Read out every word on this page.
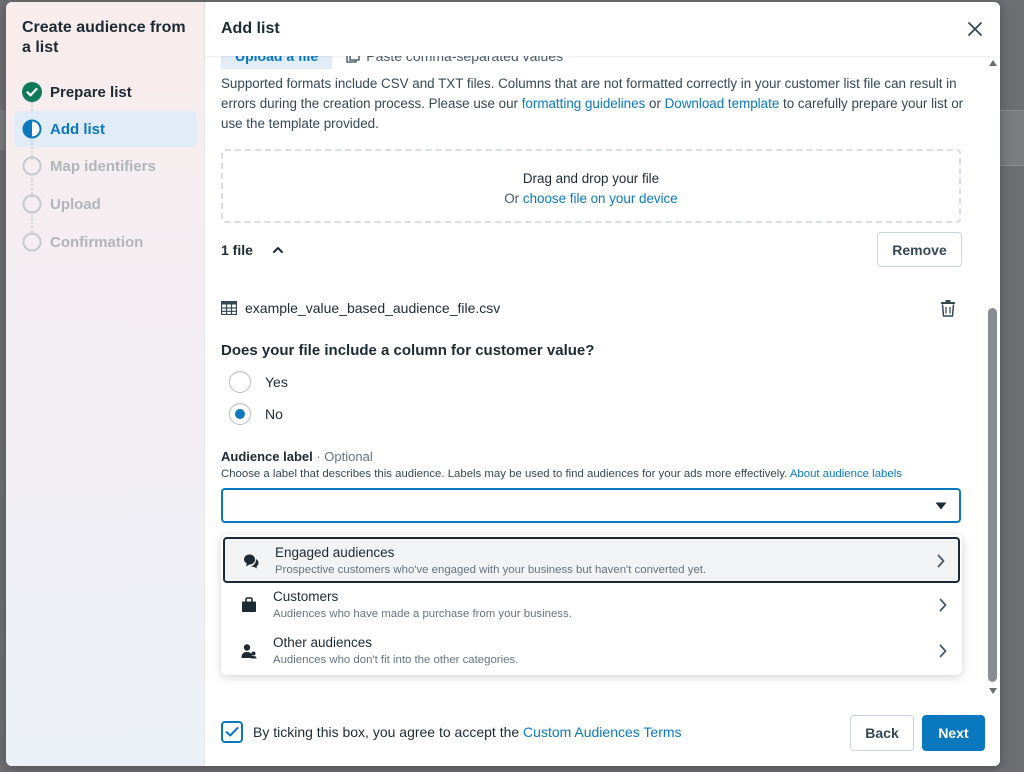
Create audience from a list
Prepare list
Add list
Map identifiers
Upload
Confirmation

Supported formats include CSV and TXT files. Columns that are not formatted correctly in your customer list file can result in errors during the creation process. Please use our formatting guidelines or Download template to carefully prepare your list or use the template provided.

Drag and drop your file
Or choose file on your device
1 file	Remove
example_value_based_audience_file.csv
Does your file include a column for customer value?
Yes
No
Audience label · Optional
Choose a label that describes this audience. Labels may be used to find audiences for your ads more effectively. About audience labels
Engaged audiences
Prospective customers who've engaged with your business but haven't converted yet.
Customers
Audiences who have made a purchase from your business.
Other audiences
Audiences who don't fit into the other categories.
Add list
By ticking this box, you agree to accept the Custom Audiences Terms	Back	Next
